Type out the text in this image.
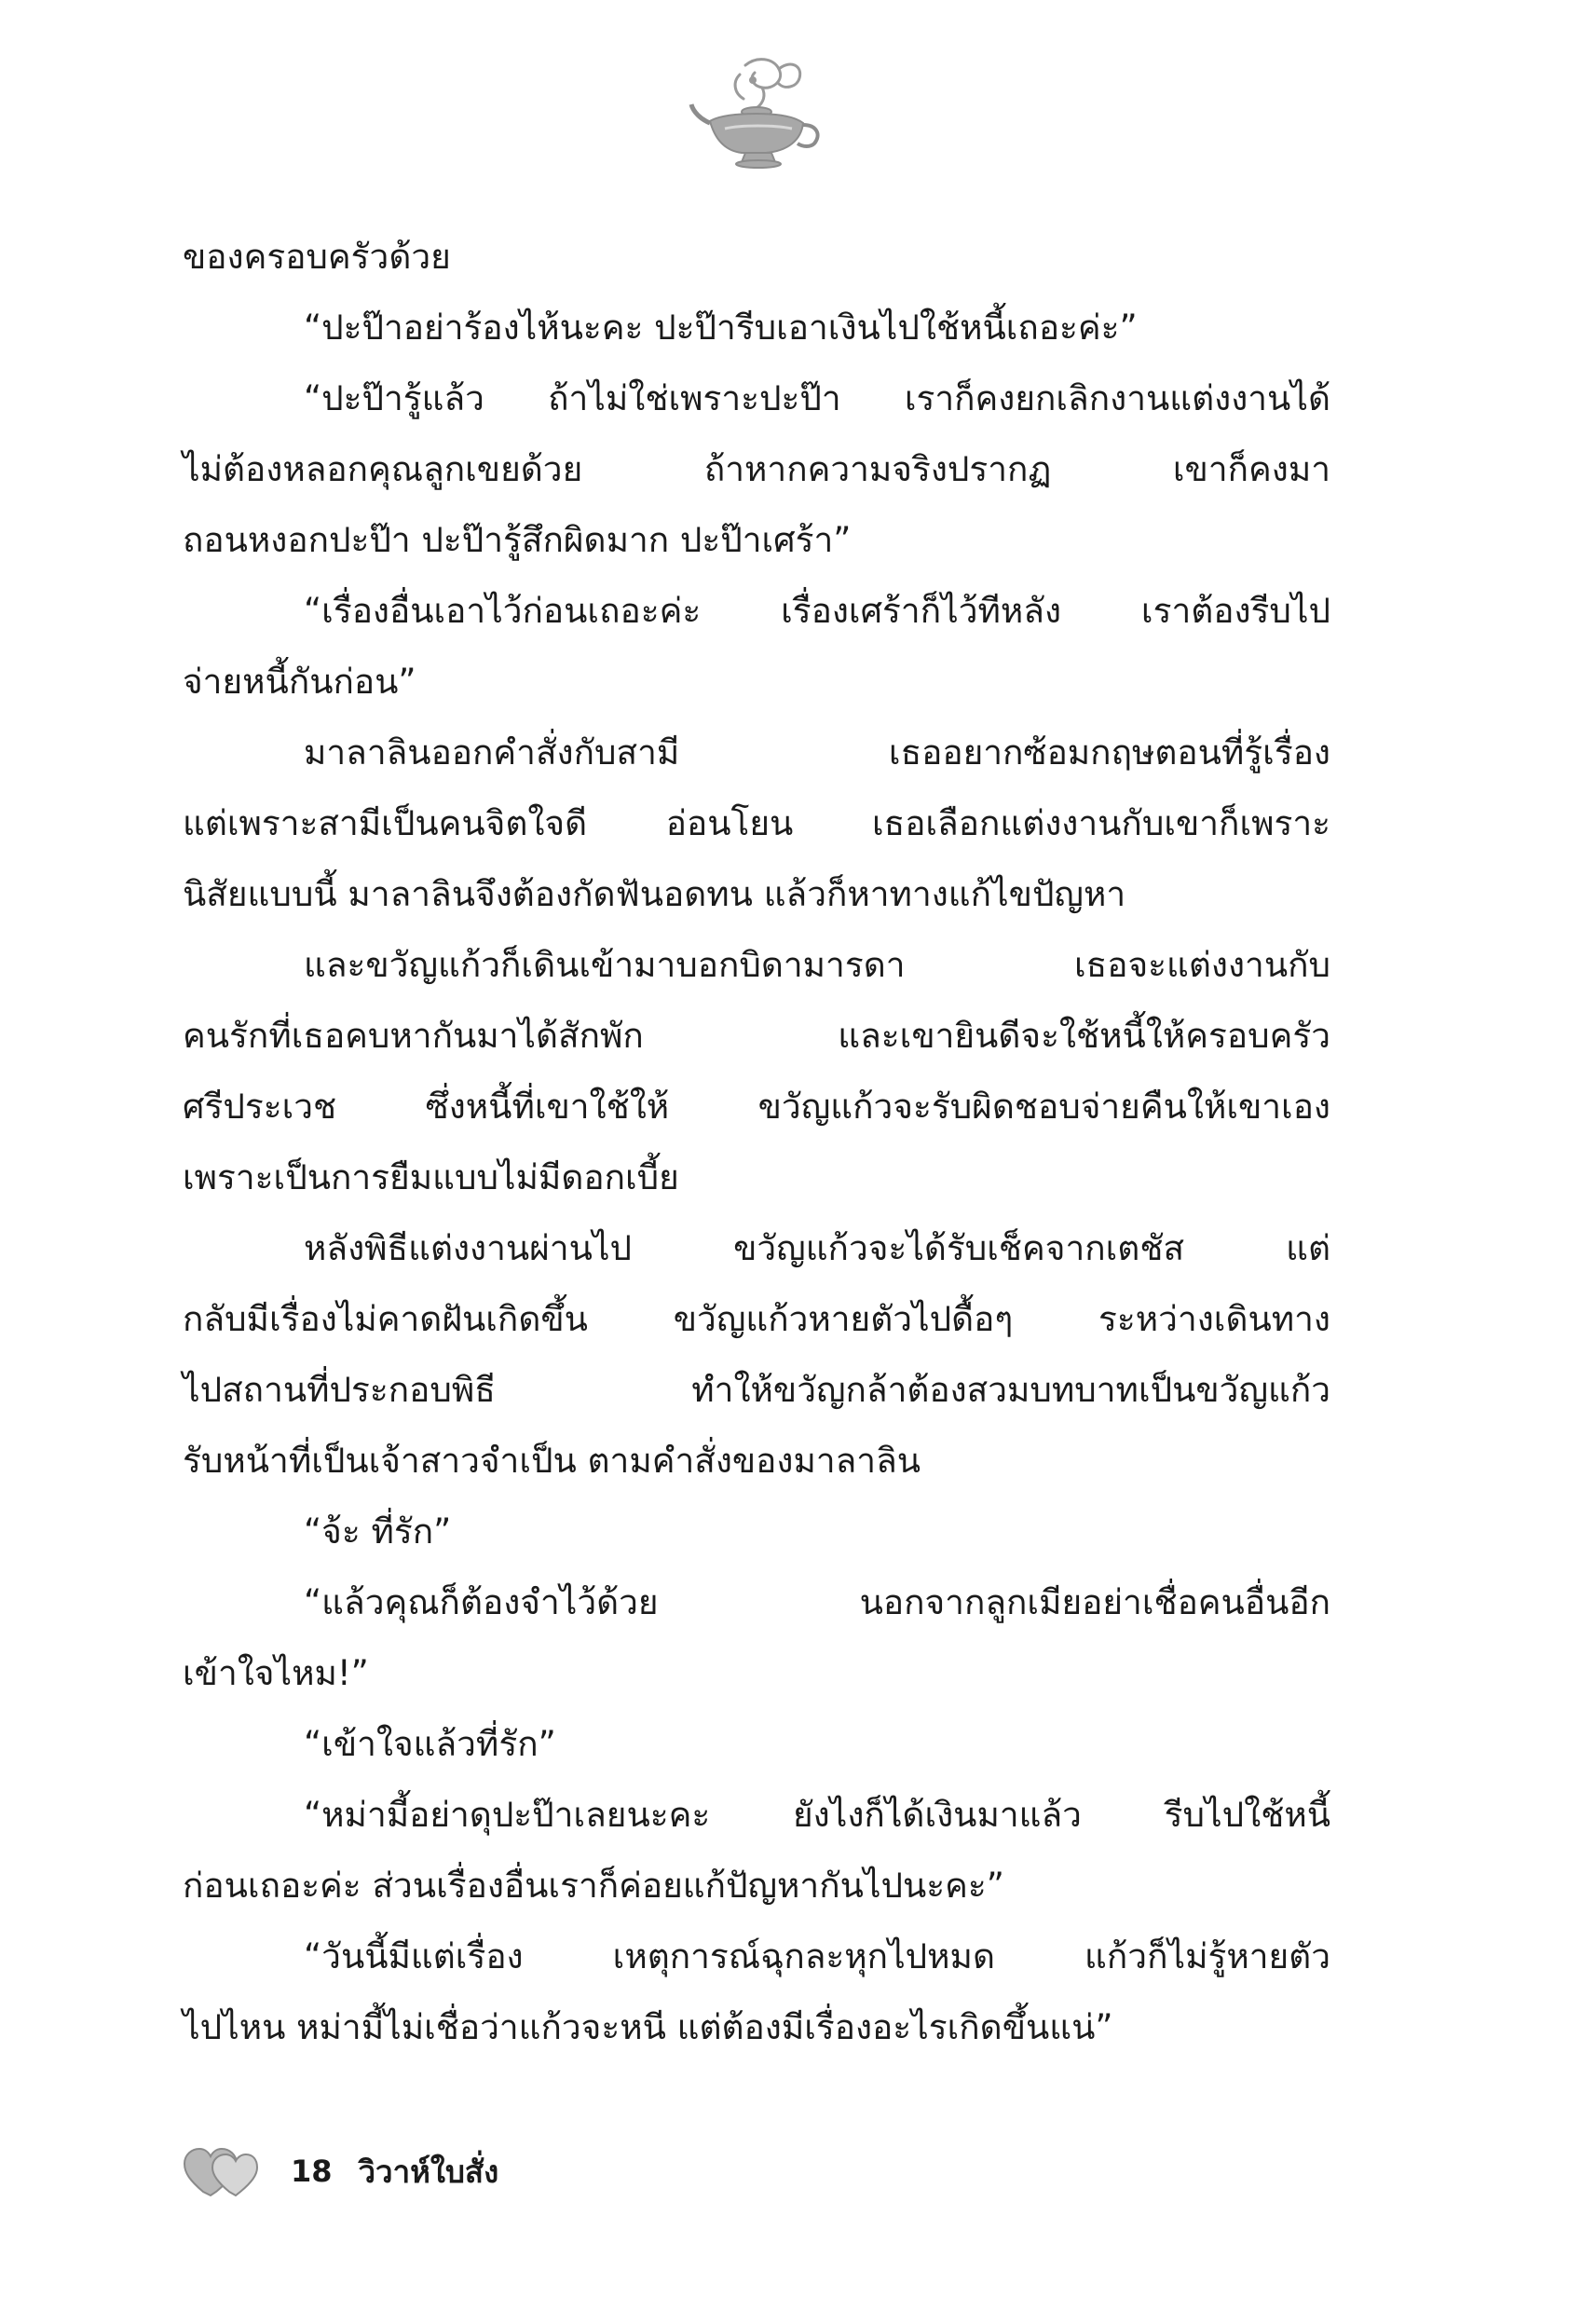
ของครอบครัวด้วย
“ปะป๊าอย่าร้องไห้นะคะ ปะป๊ารีบเอาเงินไปใช้หนี้เถอะค่ะ”
“ปะป๊ารู้แล้ว ถ้าไม่ใช่เพราะปะป๊า เราก็คงยกเลิกงานแต่งงานได้
ไม่ต้องหลอกคุณลูกเขยด้วย ถ้าหากความจริงปรากฏ เขาก็คงมา
ถอนหงอกปะป๊า ปะป๊ารู้สึกผิดมาก ปะป๊าเศร้า”
“เรื่องอื่นเอาไว้ก่อนเถอะค่ะ เรื่องเศร้าก็ไว้ทีหลัง เราต้องรีบไป
จ่ายหนี้กันก่อน”
มาลาลินออกคำสั่งกับสามี เธออยากซ้อมกฤษตอนที่รู้เรื่อง
แต่เพราะสามีเป็นคนจิตใจดี อ่อนโยน เธอเลือกแต่งงานกับเขาก็เพราะ
นิสัยแบบนี้ มาลาลินจึงต้องกัดฟันอดทน แล้วก็หาทางแก้ไขปัญหา
และขวัญแก้วก็เดินเข้ามาบอกบิดามารดา เธอจะแต่งงานกับ
คนรักที่เธอคบหากันมาได้สักพัก และเขายินดีจะใช้หนี้ให้ครอบครัว
ศรีประเวช ซึ่งหนี้ที่เขาใช้ให้ ขวัญแก้วจะรับผิดชอบจ่ายคืนให้เขาเอง
เพราะเป็นการยืมแบบไม่มีดอกเบี้ย
หลังพิธีแต่งงานผ่านไป ขวัญแก้วจะได้รับเช็คจากเตชัส แต่
กลับมีเรื่องไม่คาดฝันเกิดขึ้น ขวัญแก้วหายตัวไปดื้อๆ ระหว่างเดินทาง
ไปสถานที่ประกอบพิธี ทำให้ขวัญกล้าต้องสวมบทบาทเป็นขวัญแก้ว
รับหน้าที่เป็นเจ้าสาวจำเป็น ตามคำสั่งของมาลาลิน
“จ้ะ ที่รัก”
“แล้วคุณก็ต้องจำไว้ด้วย นอกจากลูกเมียอย่าเชื่อคนอื่นอีก
เข้าใจไหม!”
“เข้าใจแล้วที่รัก”
“หม่ามี้อย่าดุปะป๊าเลยนะคะ ยังไงก็ได้เงินมาแล้ว รีบไปใช้หนี้
ก่อนเถอะค่ะ ส่วนเรื่องอื่นเราก็ค่อยแก้ปัญหากันไปนะคะ”
“วันนี้มีแต่เรื่อง เหตุการณ์ฉุกละหุกไปหมด แก้วก็ไม่รู้หายตัว
ไปไหน หม่ามี้ไม่เชื่อว่าแก้วจะหนี แต่ต้องมีเรื่องอะไรเกิดขึ้นแน่”
18 วิวาห์ใบสั่ง
